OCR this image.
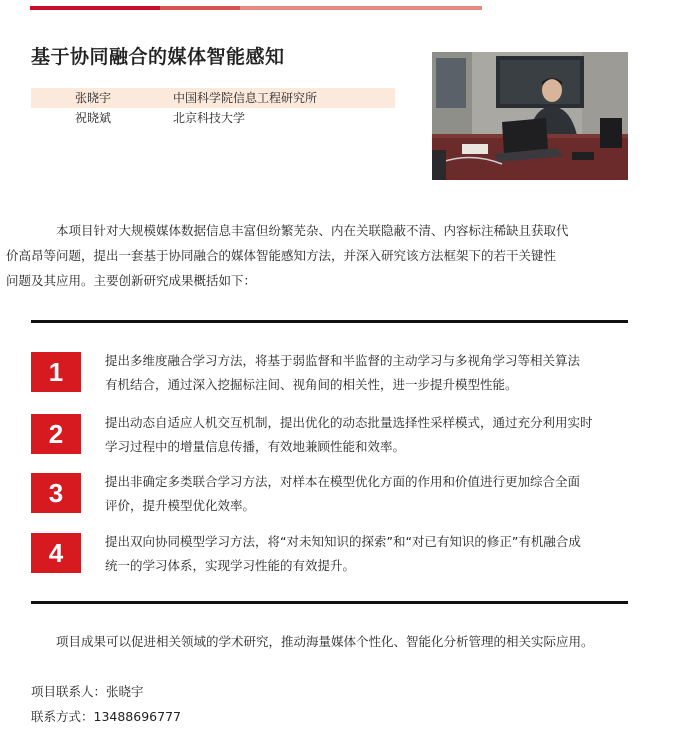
基于协同融合的媒体智能感知
张晓宇	中国科学院信息工程研究所
祝晓斌	北京科技大学
本项目针对大规模媒体数据信息丰富但纷繁芜杂、内在关联隐蔽不清、内容标注稀缺且获取代
价高昂等问题，提出一套基于协同融合的媒体智能感知方法，并深入研究该方法框架下的若干关键性
问题及其应用。主要创新研究成果概括如下：
1	提出多维度融合学习方法，将基于弱监督和半监督的主动学习与多视角学习等相关算法
有机结合，通过深入挖掘标注间、视角间的相关性，进一步提升模型性能。
2	提出动态自适应人机交互机制，提出优化的动态批量选择性采样模式，通过充分利用实时
学习过程中的增量信息传播，有效地兼顾性能和效率。
3	提出非确定多类联合学习方法，对样本在模型优化方面的作用和价值进行更加综合全面
评价，提升模型优化效率。
4	提出双向协同模型学习方法，将“对未知知识的探索”和“对已有知识的修正”有机融合成
统一的学习体系，实现学习性能的有效提升。
项目成果可以促进相关领域的学术研究，推动海量媒体个性化、智能化分析管理的相关实际应用。
项目联系人：张晓宇
联系方式：13488696777
